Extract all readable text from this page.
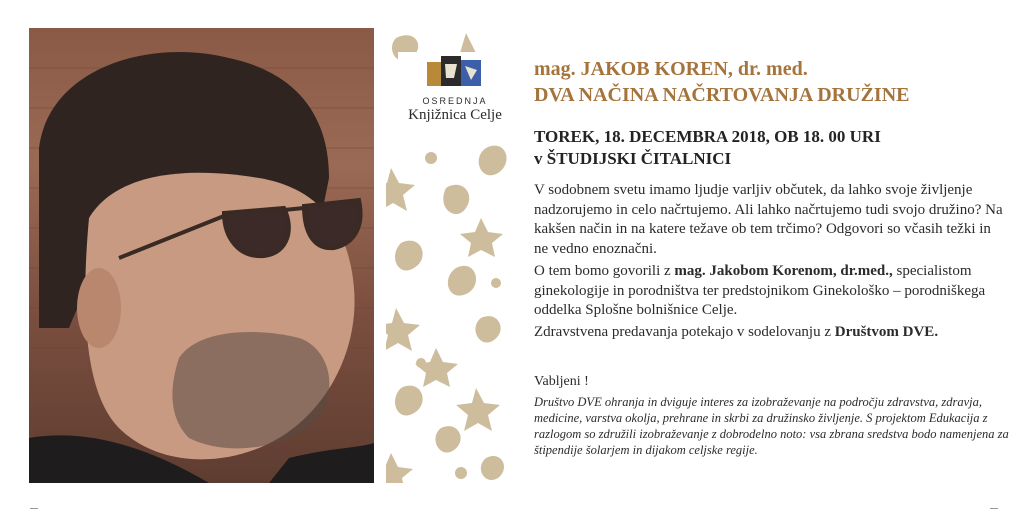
OSREDNJA
Knjižnica Celje
mag. JAKOB KOREN, dr. med.
DVA NAČINA NAČRTOVANJA DRUŽINE
TOREK, 18. DECEMBRA 2018, OB 18. 00 URI
v ŠTUDIJSKI ČITALNICI

V sodobnem svetu imamo ljudje varljiv občutek, da lahko svoje življenje nadzorujemo in celo načrtujemo. Ali lahko načrtujemo tudi svojo družino? Na kakšen način in na katere težave ob tem trčimo? Odgovori so včasih težki in ne vedno enoznačni.

O tem bomo govorili z mag. Jakobom Korenom, dr.med., specialistom ginekologije in porodništva ter predstojnikom Ginekološko – porodniškega oddelka Splošne bolnišnice Celje.

Zdravstvena predavanja potekajo v sodelovanju z Društvom DVE.

Vabljeni !

Društvo DVE ohranja in dviguje interes za izobraževanje na področju zdravstva, zdravja, medicine, varstva okolja, prehrane in skrbi za družinsko življenje. S projektom Edukacija z razlogom so združili izobraževanje z dobrodelno noto: vsa zbrana sredstva bodo namenjena za štipendije šolarjem in dijakom celjske regije.
